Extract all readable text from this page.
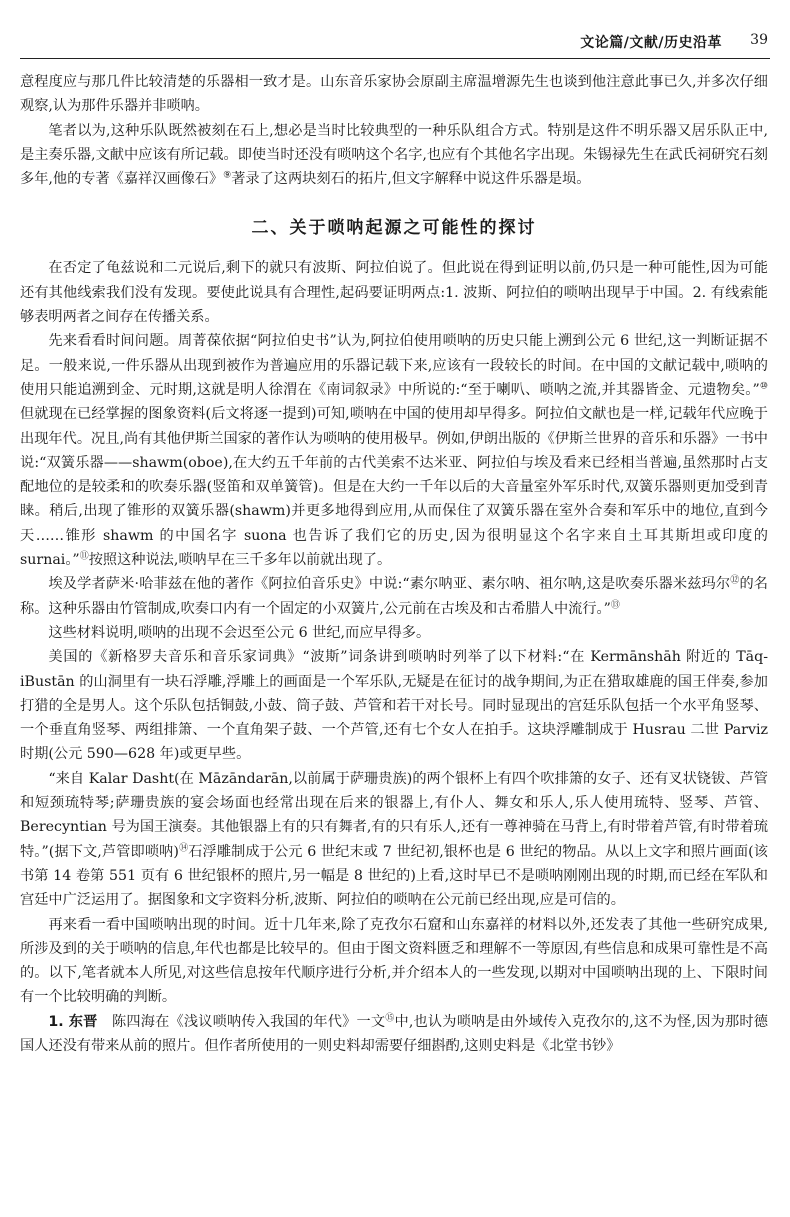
文论篇/文献/历史沿革 39

意程度应与那几件比较清楚的乐器相一致才是。山东音乐家协会原副主席温增源先生也谈到他注意此事已久,并多次仔细观察,认为那件乐器并非唢呐。

笔者以为,这种乐队既然被刻在石上,想必是当时比较典型的一种乐队组合方式。特别是这件不明乐器又居乐队正中,是主奏乐器,文献中应该有所记载。即使当时还没有唢呐这个名字,也应有个其他名字出现。朱锡禄先生在武氏祠研究石刻多年,他的专著《嘉祥汉画像石》⑨著录了这两块刻石的拓片,但文字解释中说这件乐器是埙。

二、关于唢呐起源之可能性的探讨

在否定了龟兹说和二元说后,剩下的就只有波斯、阿拉伯说了。但此说在得到证明以前,仍只是一种可能性,因为可能还有其他线索我们没有发现。要使此说具有合理性,起码要证明两点:1. 波斯、阿拉伯的唢呐出现早于中国。2. 有线索能够表明两者之间存在传播关系。

先来看看时间问题。周菁葆依据“阿拉伯史书”认为,阿拉伯使用唢呐的历史只能上溯到公元 6 世纪,这一判断证据不足。一般来说,一件乐器从出现到被作为普遍应用的乐器记载下来,应该有一段较长的时间。在中国的文献记载中,唢呐的使用只能追溯到金、元时期,这就是明人徐渭在《南词叙录》中所说的:“至于喇叭、唢呐之流,并其器皆金、元遗物矣。”⑩但就现在已经掌握的图象资料(后文将逐一提到)可知,唢呐在中国的使用却早得多。阿拉伯文献也是一样,记载年代应晚于出现年代。况且,尚有其他伊斯兰国家的著作认为唢呐的使用极早。例如,伊朗出版的《伊斯兰世界的音乐和乐器》一书中说:“双簧乐器——shawm(oboe),在大约五千年前的古代美索不达米亚、阿拉伯与埃及看来已经相当普遍,虽然那时占支配地位的是较柔和的吹奏乐器(竖笛和双单簧管)。但是在大约一千年以后的大音量室外军乐时代,双簧乐器则更加受到青睐。稍后,出现了锥形的双簧乐器(shawm)并更多地得到应用,从而保住了双簧乐器在室外合奏和军乐中的地位,直到今天……锥形 shawm 的中国名字 suona 也告诉了我们它的历史,因为很明显这个名字来自土耳其斯坦或印度的 surnai。”⑪按照这种说法,唢呐早在三千多年以前就出现了。

埃及学者萨米·哈菲兹在他的著作《阿拉伯音乐史》中说:“素尔呐亚、素尔呐、祖尔呐,这是吹奏乐器米兹玛尔⑫的名称。这种乐器由竹管制成,吹奏口内有一个固定的小双簧片,公元前在古埃及和古希腊人中流行。”⑬

这些材料说明,唢呐的出现不会迟至公元 6 世纪,而应早得多。

美国的《新格罗夫音乐和音乐家词典》“波斯”词条讲到唢呐时列举了以下材料:“在 Kermānshāh 附近的 Tāq-iBustān 的山洞里有一块石浮雕,浮雕上的画面是一个军乐队,无疑是在征讨的战争期间,为正在猎取雄鹿的国王伴奏,参加打猎的全是男人。这个乐队包括铜鼓,小鼓、筒子鼓、芦管和若干对长号。同时显现出的宫廷乐队包括一个水平角竖琴、一个垂直角竖琴、两组排箫、一个直角架子鼓、一个芦管,还有七个女人在拍手。这块浮雕制成于 Husrau 二世 Parviz 时期(公元 590—628 年)或更早些。

“来自 Kalar Dasht(在 Māzāndarān,以前属于萨珊贵族)的两个银杯上有四个吹排箫的女子、还有叉状铙钹、芦管和短颈琉特琴;萨珊贵族的宴会场面也经常出现在后来的银器上,有仆人、舞女和乐人,乐人使用琉特、竖琴、芦管、Berecyntian 号为国王演奏。其他银器上有的只有舞者,有的只有乐人,还有一尊神骑在马背上,有时带着芦管,有时带着琉特。”(据下文,芦管即唢呐)⑭石浮雕制成于公元 6 世纪末或 7 世纪初,银杯也是 6 世纪的物品。从以上文字和照片画面(该书第 14 卷第 551 页有 6 世纪银杯的照片,另一幅是 8 世纪的)上看,这时早已不是唢呐刚刚出现的时期,而已经在军队和宫廷中广泛运用了。据图象和文字资料分析,波斯、阿拉伯的唢呐在公元前已经出现,应是可信的。

再来看一看中国唢呐出现的时间。近十几年来,除了克孜尔石窟和山东嘉祥的材料以外,还发表了其他一些研究成果,所涉及到的关于唢呐的信息,年代也都是比较早的。但由于图文资料匮乏和理解不一等原因,有些信息和成果可靠性是不高的。以下,笔者就本人所见,对这些信息按年代顺序进行分析,并介绍本人的一些发现,以期对中国唢呐出现的上、下限时间有一个比较明确的判断。

1. 东晋　陈四海在《浅议唢呐传入我国的年代》一文⑮中,也认为唢呐是由外域传入克孜尔的,这不为怪,因为那时德国人还没有带来从前的照片。但作者所使用的一则史料却需要仔细斟酌,这则史料是《北堂书钞》
